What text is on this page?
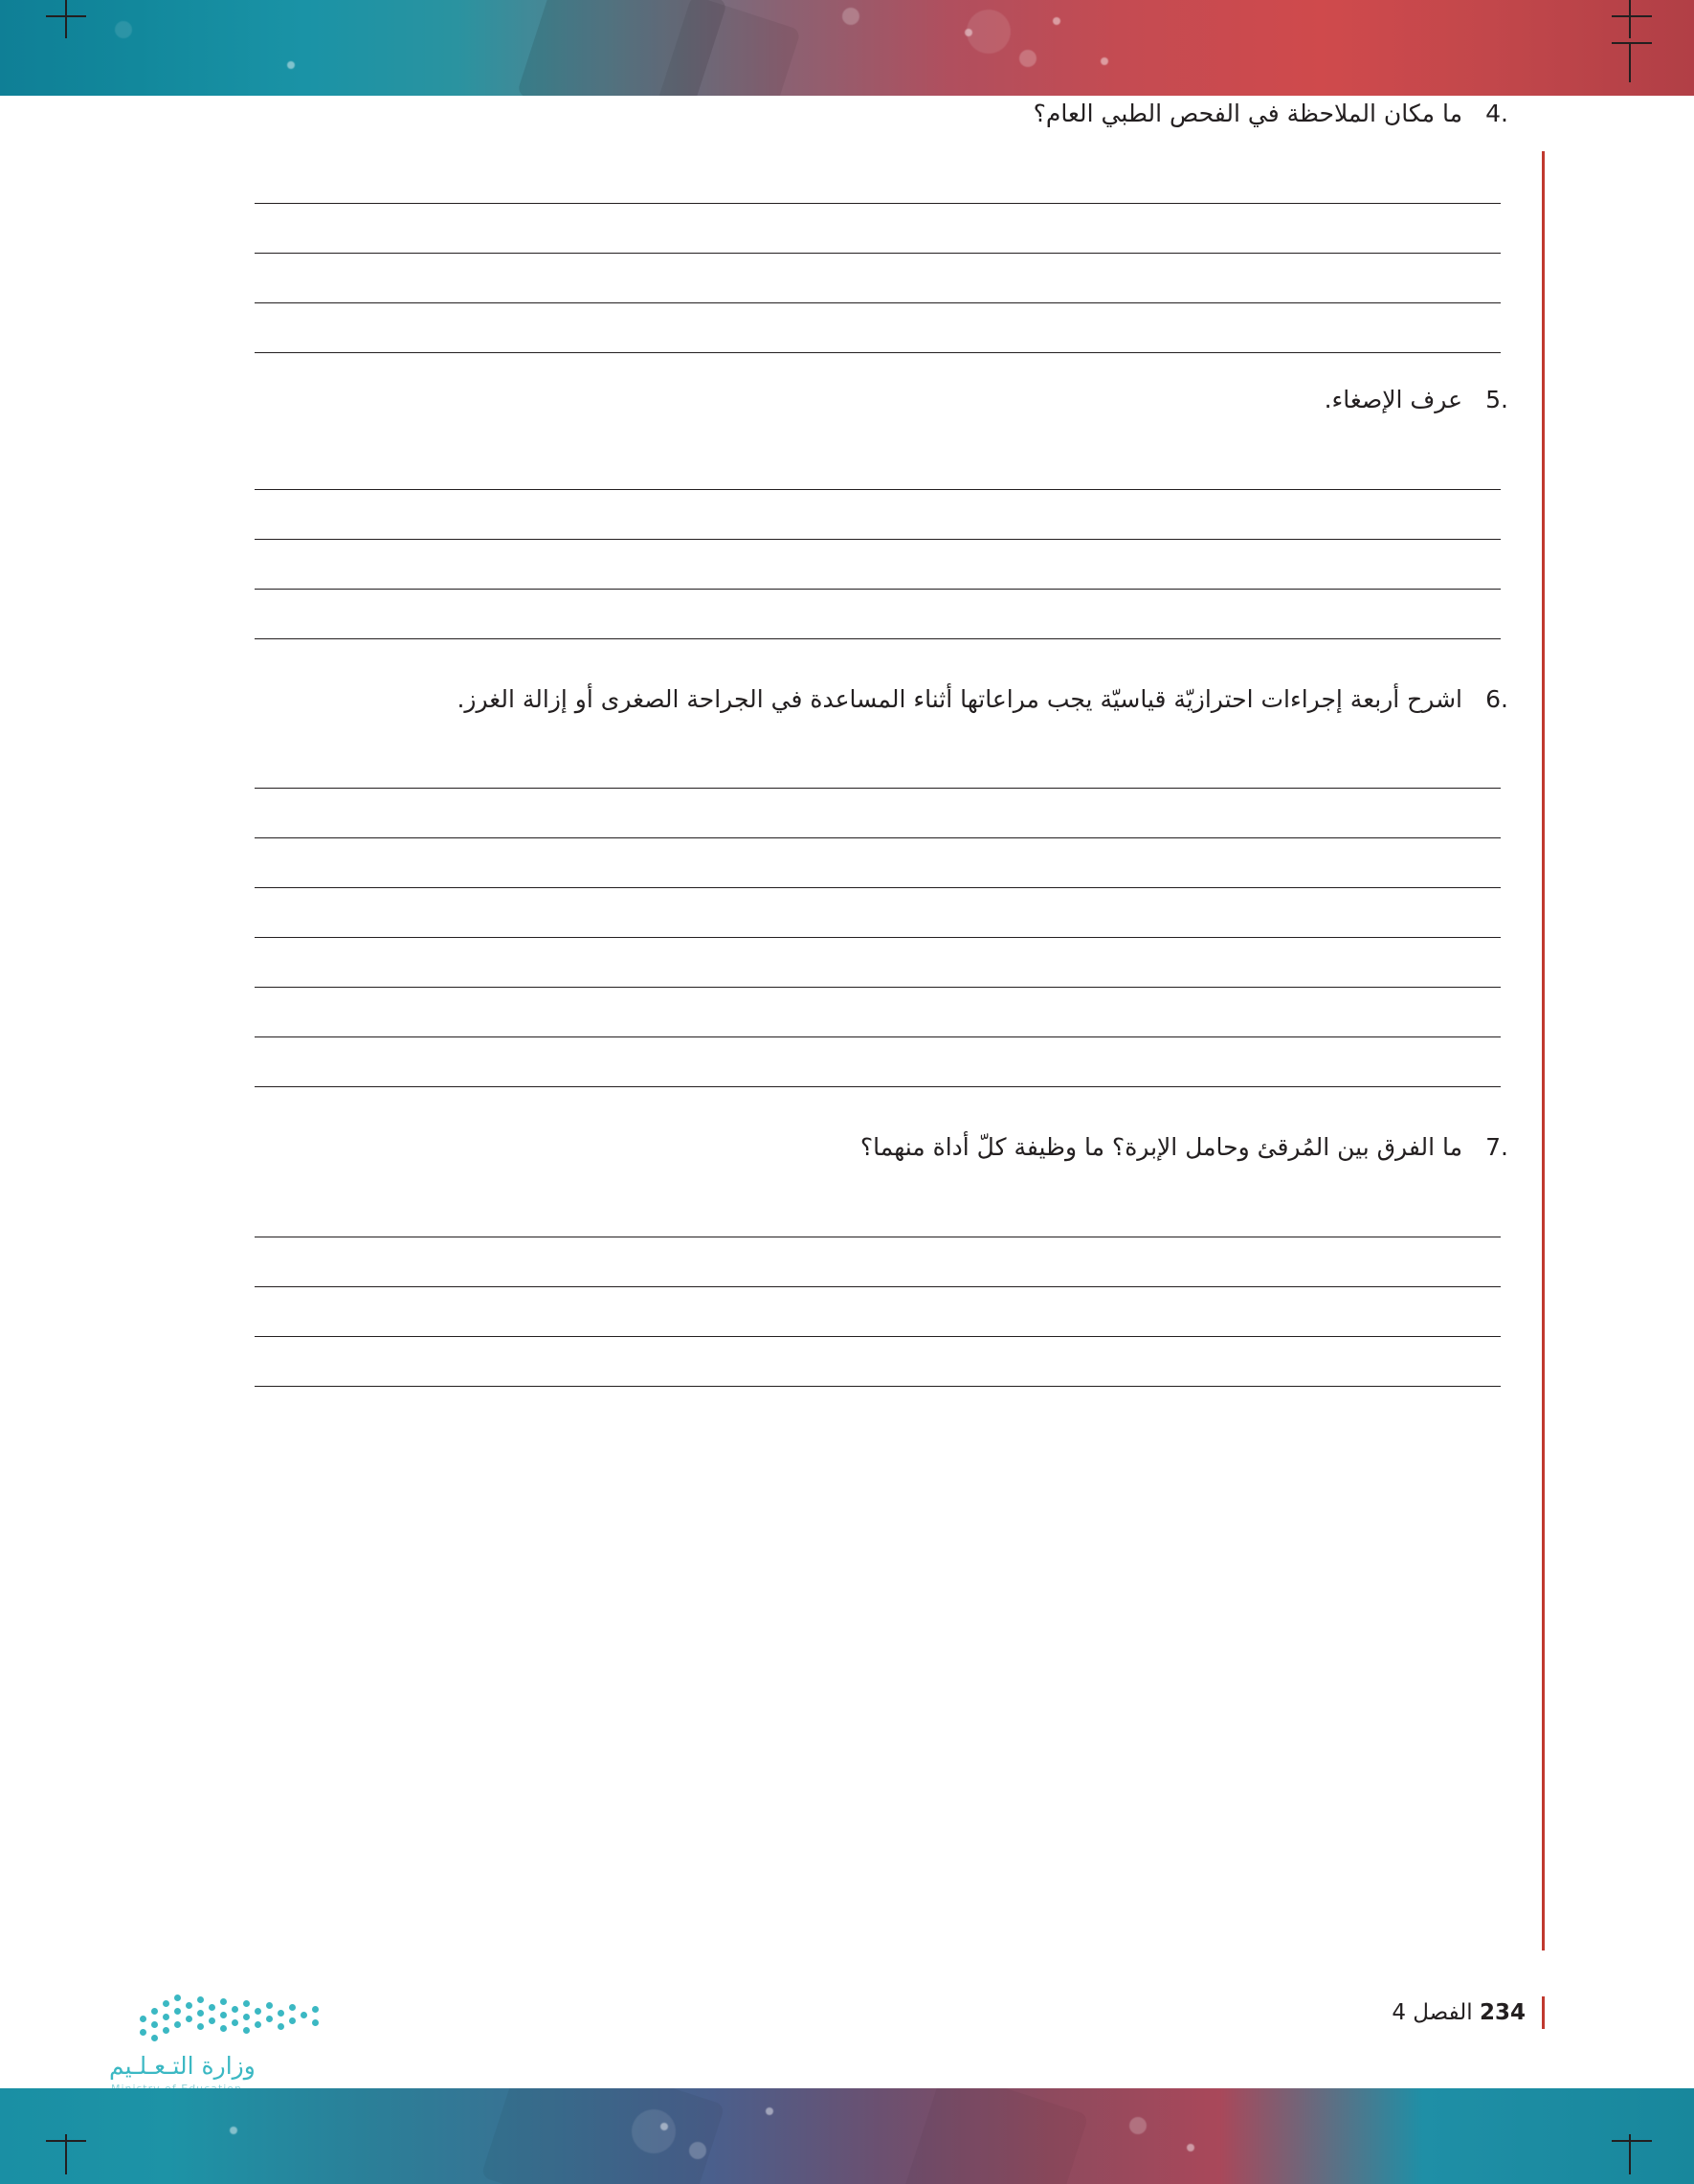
.4
ما مكان الملاحظة في الفحص الطبي العام؟
.5
عرف الإصغاء.
.6
اشرح أربعة إجراءات احترازيّة قياسيّة يجب مراعاتها أثناء المساعدة في الجراحة الصغرى أو إزالة الغرز.
.7
ما الفرق بين المُرقئ وحامل الإبرة؟ ما وظيفة كلّ أداة منهما؟
234 الفصل 4
وزارة التـعـلـيم
